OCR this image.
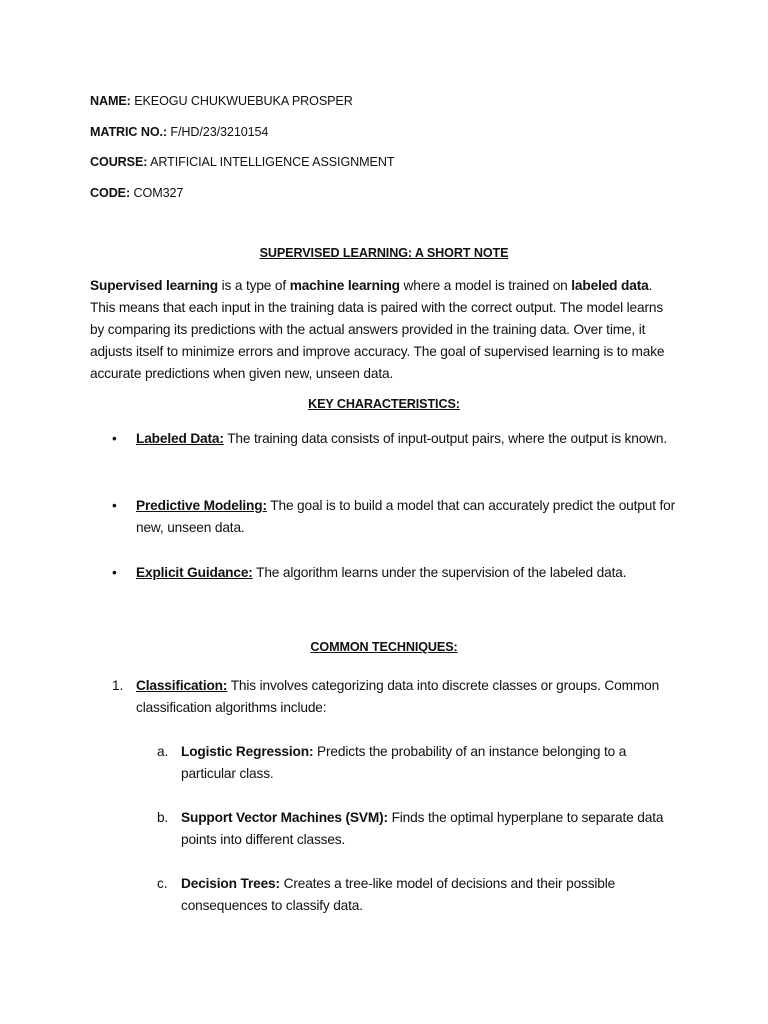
NAME: EKEOGU CHUKWUEBUKA PROSPER
MATRIC NO.: F/HD/23/3210154
COURSE: ARTIFICIAL INTELLIGENCE ASSIGNMENT
CODE: COM327
SUPERVISED LEARNING: A SHORT NOTE
Supervised learning is a type of machine learning where a model is trained on labeled data. This means that each input in the training data is paired with the correct output. The model learns by comparing its predictions with the actual answers provided in the training data. Over time, it adjusts itself to minimize errors and improve accuracy. The goal of supervised learning is to make accurate predictions when given new, unseen data.
KEY CHARACTERISTICS:
•	Labeled Data: The training data consists of input-output pairs, where the output is known.
•	Predictive Modeling: The goal is to build a model that can accurately predict the output for new, unseen data.
•	Explicit Guidance: The algorithm learns under the supervision of the labeled data.
COMMON TECHNIQUES:
1. Classification: This involves categorizing data into discrete classes or groups. Common classification algorithms include:
a. Logistic Regression: Predicts the probability of an instance belonging to a particular class.
b. Support Vector Machines (SVM): Finds the optimal hyperplane to separate data points into different classes.
c. Decision Trees: Creates a tree-like model of decisions and their possible consequences to classify data.
